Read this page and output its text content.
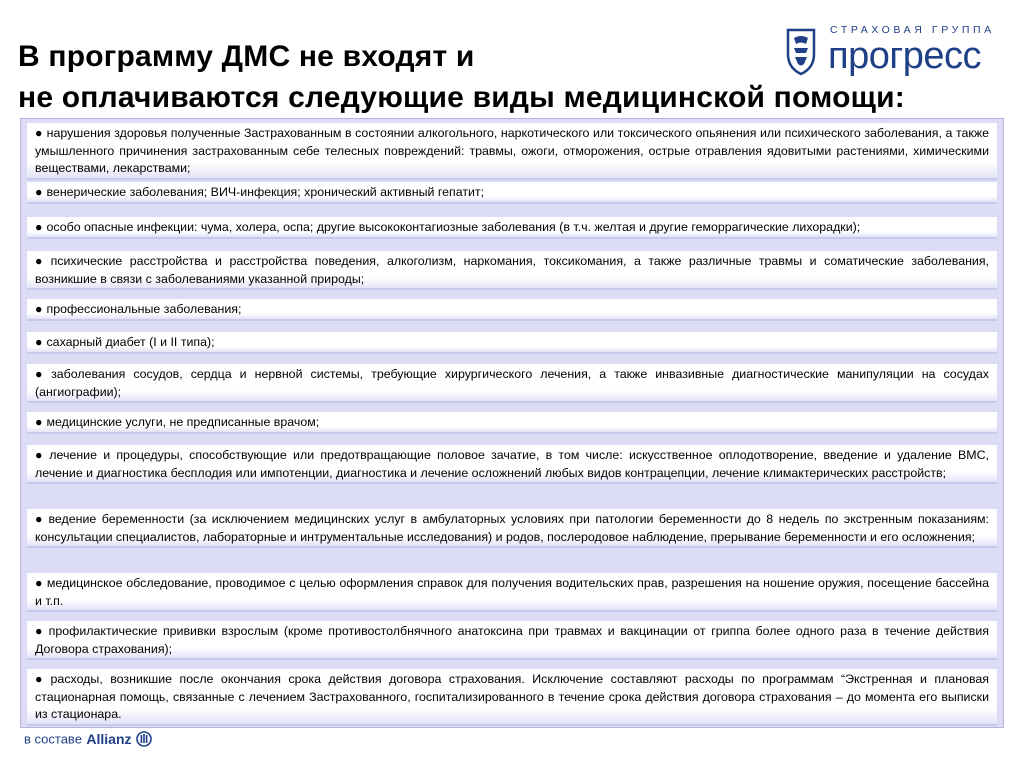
В программу ДМС не входят и
не оплачиваются следующие виды медицинской помощи:
СТРАХОВАЯ ГРУППА
прогресс
● нарушения здоровья полученные Застрахованным в состоянии алкогольного, наркотического или токсического опьянения или психического заболевания, а также умышленного причинения застрахованным себе телесных повреждений: травмы, ожоги, отморожения, острые отравления ядовитыми растениями, химическими веществами, лекарствами;
● венерические заболевания; ВИЧ-инфекция; хронический активный гепатит;
● особо опасные инфекции: чума, холера, оспа; другие высококонтагиозные заболевания (в т.ч. желтая и другие геморрагические лихорадки);
● психические расстройства и расстройства поведения, алкоголизм, наркомания, токсикомания, а также различные травмы и соматические заболевания, возникшие в связи с заболеваниями указанной природы;
● профессиональные заболевания;
● сахарный диабет (I и II типа);
● заболевания сосудов, сердца и нервной системы, требующие хирургического лечения, а также инвазивные диагностические манипуляции на сосудах (ангиографии);
● медицинские услуги, не предписанные врачом;
● лечение и процедуры, способствующие или предотвращающие половое зачатие, в том числе: искусственное оплодотворение, введение и удаление ВМС, лечение и диагностика бесплодия или импотенции, диагностика и лечение осложнений любых видов контрацепции, лечение климактерических расстройств;
● ведение беременности (за исключением медицинских услуг в амбулаторных условиях при патологии беременности до 8 недель по экстренным показаниям: консультации специалистов, лабораторные и интрументальные исследования) и родов, послеродовое наблюдение, прерывание беременности и его осложнения;
● медицинское обследование, проводимое с целью оформления справок для получения водительских прав, разрешения на ношение оружия, посещение бассейна и т.п.
● профилактические прививки взрослым (кроме противостолбнячного анатоксина при травмах и вакцинации от гриппа более одного раза в течение действия Договора страхования);
● расходы, возникшие после окончания срока действия договора страхования. Исключение составляют расходы по программам “Экстренная и плановая стационарная помощь, связанные с лечением Застрахованного, госпитализированного в течение срока действия договора страхования – до момента его выписки из стационара.
в составе Allianz
